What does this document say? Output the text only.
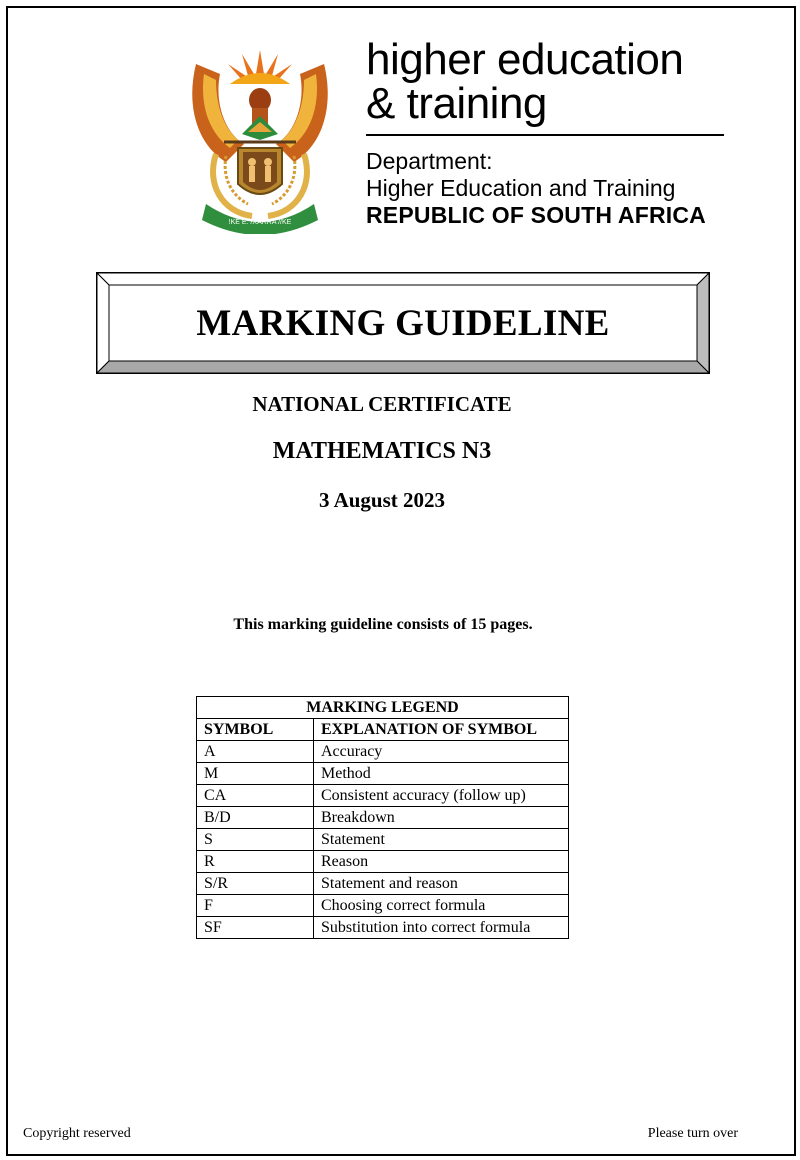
!KE E: /XARRA //KE
higher education
& training
Department:
Higher Education and Training
REPUBLIC OF SOUTH AFRICA
MARKING GUIDELINE
NATIONAL CERTIFICATE
MATHEMATICS N3
3 August 2023
This marking guideline consists of 15 pages.
MARKING LEGEND	
SYMBOL	EXPLANATION OF SYMBOL
A	Accuracy
M	Method
CA	Consistent accuracy (follow up)
B/D	Breakdown
S	Statement
R	Reason
S/R	Statement and reason
F	Choosing correct formula
SF	Substitution into correct formula
Copyright reserved	Please turn over
